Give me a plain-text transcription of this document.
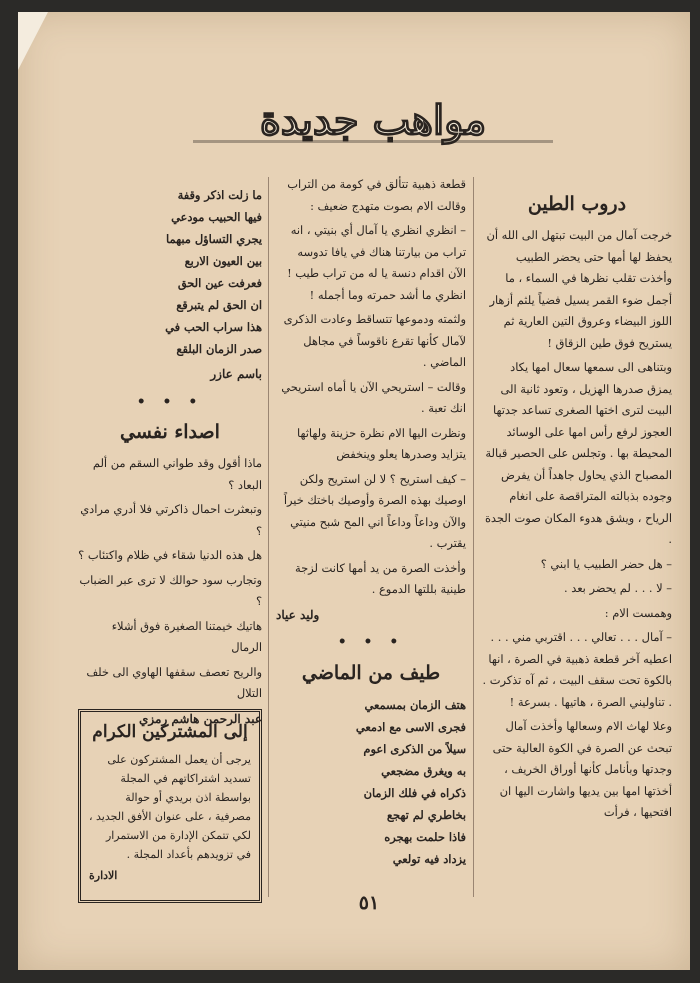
مواهب جديدة
دروب الطين

خرجت آمال من البيت تبتهل الى الله أن يحفظ لها أمها حتى يحضر الطبيب وأخذت تقلب نظرها في السماء ، ما أجمل ضوء القمر يسيل فضياً يلثم أزهار اللوز البيضاء وعروق التين العارية ثم يستريح فوق طين الزقاق !

وبتناهى الى سمعها سعال امها يكاد يمزق صدرها الهزيل ، وتعود ثانية الى البيت لترى اختها الصغرى تساعد جدتها العجوز لرفع رأس امها على الوسائد المحيطة بها . وتجلس على الحصير قبالة المصباح الذي يحاول جاهداً أن يفرض وجوده بذبالته المتراقصة على انغام الرياح ، ويشق هدوء المكان صوت الجدة .

– هل حضر الطبيب يا ابني ؟

– لا . . . لم يحضر بعد .

وهمست الام :

– آمال . . . تعالي . . . اقتربي مني . . . اعطيه آخر قطعة ذهبية في الصرة ، انها بالكوة تحت سقف البيت ، ثم آه تذكرت . . تناوليني الصرة ، هاتيها . بسرعة !

وعلا لهاث الام وسعالها وأخذت آمال تبحث عن الصرة في الكوة العالية حتى وجدتها وبأنامل كأنها أوراق الخريف ، أخذتها امها بين يديها واشارت اليها ان افتحيها ، فرأت

قطعة ذهبية تتألق في كومة من التراب وقالت الام بصوت متهدج ضعيف :

– انظري انظري يا آمال أي بنيتي ، انه تراب من بيارتنا هناك في يافا تدوسه الآن اقدام دنسة يا له من تراب طيب ! انظري ما أشد حمرته وما أجمله !

ولثمته ودموعها تتساقط وعادت الذكرى لآمال كأنها تقرع ناقوساً في مجاهل الماضي .

وقالت – استريحي الآن يا أماه استريحي انك تعبة .

ونظرت اليها الام نظرة حزينة ولهاثها يتزايد وصدرها يعلو وينخفض

– كيف استريح ؟ لا لن استريح ولكن اوصيك بهذه الصرة وأوصيك باختك خيراً والآن وداعاً وداعاً اني المح شبح منيتي يقترب .

وأخذت الصرة من يد أمها كانت لزجة طينية بللتها الدموع .

وليد عياد
• • •
طيف من الماضي

هتف الزمان بمسمعي

فجرى الاسى مع ادمعي

سيلاً من الذكرى اعوم

به ويغرق مضجعي

ذكراه في فلك الزمان

بخاطري لم تهجع

فاذا حلمت بهجره

يزداد فيه تولعي

ما زلت اذكر وقفة

فيها الحبيب مودعي

يجري التساؤل مبهما

بين العيون الاربع

فعرفت عين الحق

ان الحق لم يتبرقع

هذا سراب الحب في

صدر الزمان البلقع

باسم عازر
• • •
اصداء نفسي

ماذا أقول وقد طواني السقم من ألم البعاد ؟

وتبعثرت احمال ذاكرتي فلا أدري مرادي ؟

هل هذه الدنيا شقاء في ظلام واكتئاب ؟

وتجارب سود حوالك لا ترى عبر الضباب ؟

هاتيك خيمتنا الصغيرة فوق أشلاء الرمال

والريح تعصف سقفها الهاوي الى خلف التلال

عبد الرحمن هاشم رمزي
إلى المشتركين الكرام
يرجى أن يعمل المشتركون على تسديد اشتراكاتهم في المجلة بواسطة اذن بريدي أو حوالة مصرفية ، على عنوان الأفق الجديد ، لكي تتمكن الإدارة من الاستمرار في تزويدهم بأعداد المجلة .
الادارة
٥١
